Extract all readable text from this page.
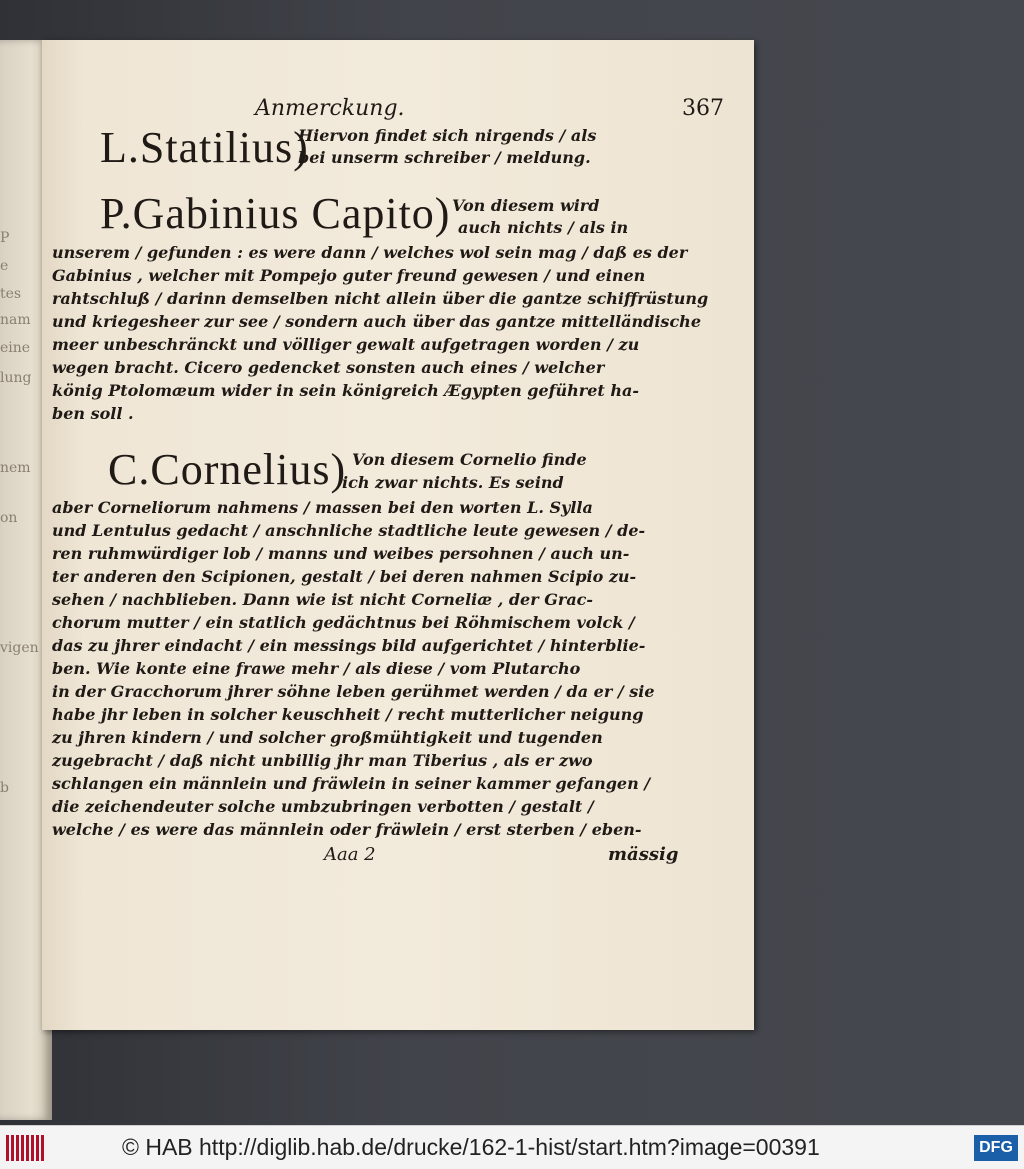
P
e
tes
nam
eine
lung
nem
on
vigen
b
Anmerckung.	367
L.Statilius)
Hiervon findet sich nirgends / als
bei unserm schreiber / meldung.
P.Gabinius Capito) Von diesem wird
auch nichts / als in
unserem / gefunden : es were dann / welches wol sein mag / daß es der
Gabinius , welcher mit Pompejo guter freund gewesen / und einen
rahtschluß / darinn demselben nicht allein über die gantze schiffrüstung
und kriegesheer zur see / sondern auch über das gantze mittelländische
meer unbeschränckt und völliger gewalt aufgetragen worden / zu
wegen bracht. Cicero gedencket sonsten auch eines / welcher
könig Ptolomæum wider in sein königreich Ægypten geführet ha-
ben soll .
C.Cornelius) Von diesem Cornelio finde
ich zwar nichts. Es seind
aber Corneliorum nahmens / massen bei den worten L. Sylla
und Lentulus gedacht / anschnliche stadtliche leute gewesen / de-
ren ruhmwürdiger lob / manns und weibes persohnen / auch un-
ter anderen den Scipionen, gestalt / bei deren nahmen Scipio zu-
sehen / nachblieben. Dann wie ist nicht Corneliæ , der Grac-
chorum mutter / ein statlich gedächtnus bei Röhmischem volck /
das zu jhrer eindacht / ein messings bild aufgerichtet / hinterblie-
ben. Wie konte eine frawe mehr / als diese / vom Plutarcho
in der Gracchorum jhrer söhne leben gerühmet werden / da er / sie
habe jhr leben in solcher keuschheit / recht mutterlicher neigung
zu jhren kindern / und solcher großmühtigkeit und tugenden
zugebracht / daß nicht unbillig jhr man Tiberius , als er zwo
schlangen ein männlein und fräwlein in seiner kammer gefangen /
die zeichendeuter solche umbzubringen verbotten / gestalt /
welche / es were das männlein oder fräwlein / erst sterben / eben-
Aaa 2	mässig
© HAB http://diglib.hab.de/drucke/162-1-hist/start.htm?image=00391	DFG
